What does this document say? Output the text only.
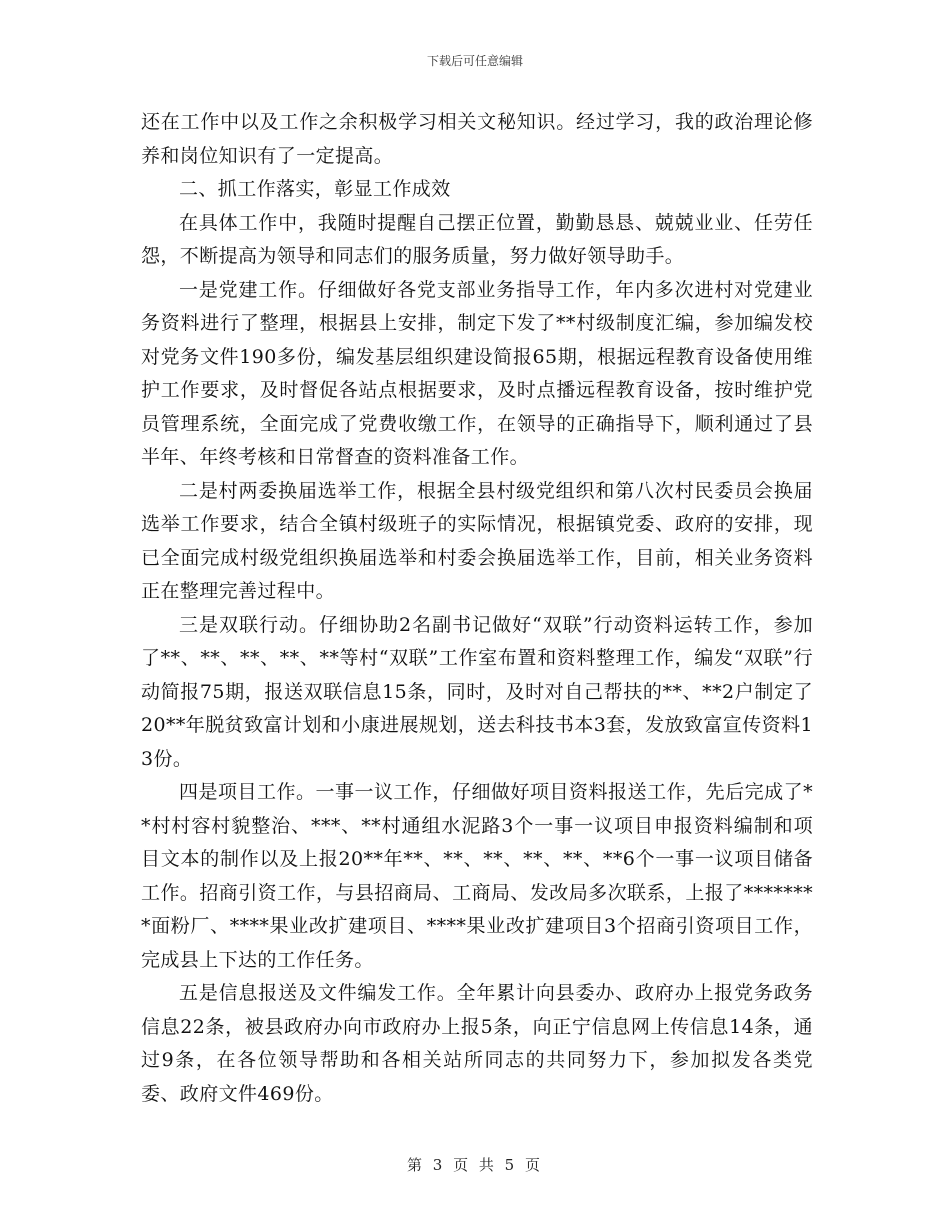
下载后可任意编辑

还在工作中以及工作之余积极学习相关文秘知识。经过学习，我的政治理论修养和岗位知识有了一定提高。

二、抓工作落实，彰显工作成效

在具体工作中，我随时提醒自己摆正位置，勤勤恳恳、兢兢业业、任劳任怨，不断提高为领导和同志们的服务质量，努力做好领导助手。

一是党建工作。仔细做好各党支部业务指导工作，年内多次进村对党建业务资料进行了整理，根据县上安排，制定下发了**村级制度汇编，参加编发校对党务文件190多份，编发基层组织建设简报65期，根据远程教育设备使用维护工作要求，及时督促各站点根据要求，及时点播远程教育设备，按时维护党员管理系统，全面完成了党费收缴工作，在领导的正确指导下，顺利通过了县半年、年终考核和日常督查的资料准备工作。

二是村两委换届选举工作，根据全县村级党组织和第八次村民委员会换届选举工作要求，结合全镇村级班子的实际情况，根据镇党委、政府的安排，现已全面完成村级党组织换届选举和村委会换届选举工作，目前，相关业务资料正在整理完善过程中。

三是双联行动。仔细协助2名副书记做好“双联”行动资料运转工作，参加了**、**、**、**、**等村“双联”工作室布置和资料整理工作，编发“双联”行动简报75期，报送双联信息15条，同时，及时对自己帮扶的**、**2户制定了20**年脱贫致富计划和小康进展规划，送去科技书本3套，发放致富宣传资料13份。

四是项目工作。一事一议工作，仔细做好项目资料报送工作，先后完成了**村村容村貌整治、***、**村通组水泥路3个一事一议项目申报资料编制和项目文本的制作以及上报20**年**、**、**、**、**、**6个一事一议项目储备工作。招商引资工作，与县招商局、工商局、发改局多次联系，上报了********面粉厂、****果业改扩建项目、****果业改扩建项目3个招商引资项目工作，完成县上下达的工作任务。

五是信息报送及文件编发工作。全年累计向县委办、政府办上报党务政务信息22条，被县政府办向市政府办上报5条，向正宁信息网上传信息14条，通过9条，在各位领导帮助和各相关站所同志的共同努力下，参加拟发各类党委、政府文件469份。

第 3 页 共 5 页
